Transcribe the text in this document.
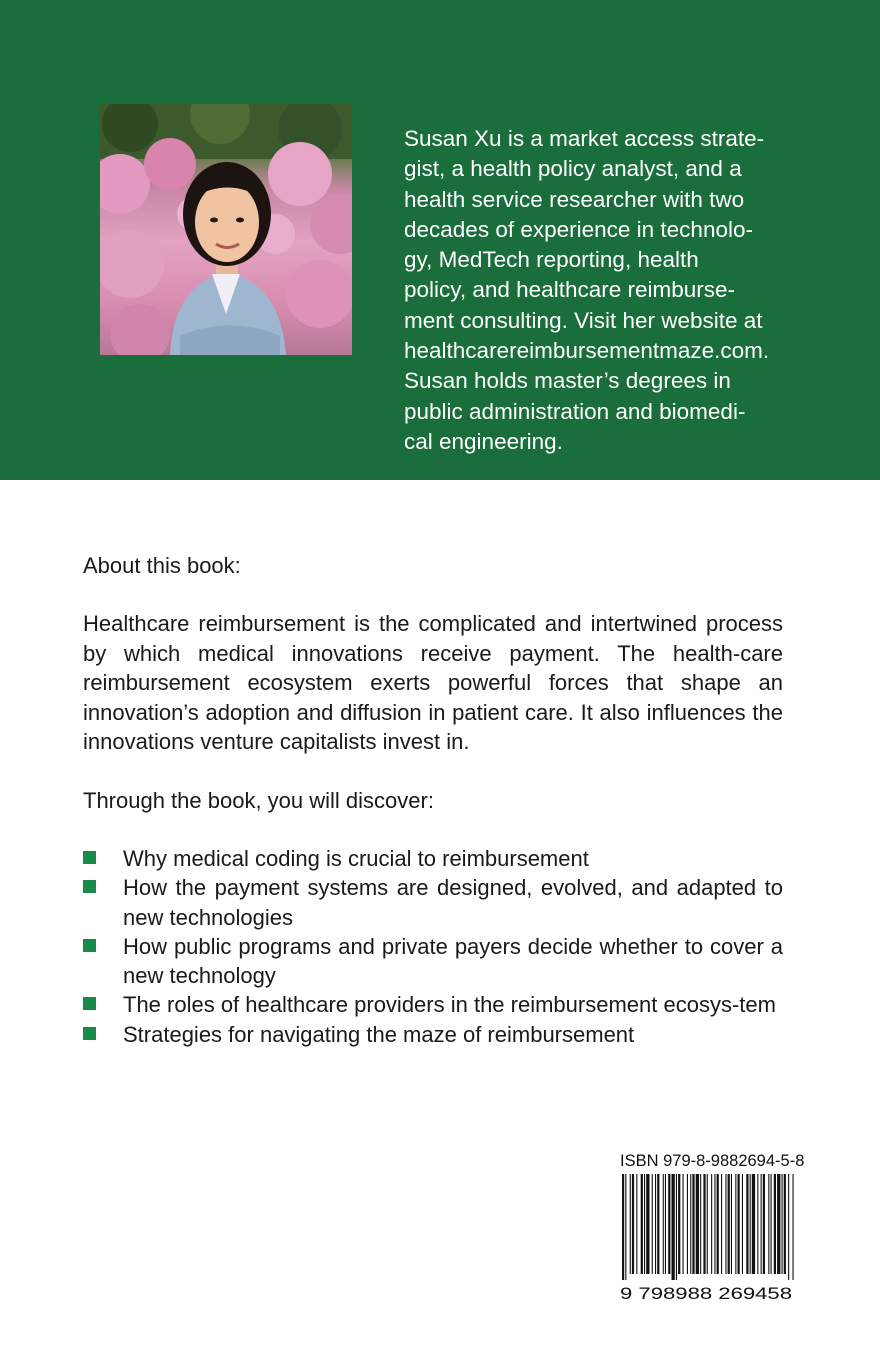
Susan Xu is a market access strate-
gist, a health policy analyst, and a
health service researcher with two
decades of experience in technolo-
gy, MedTech reporting, health
policy, and healthcare reimburse-
ment consulting. Visit her website at
healthcarereimbursementmaze.com.
Susan holds master’s degrees in
public administration and biomedi-
cal engineering.

About this book:

Healthcare reimbursement is the complicated and intertwined process by which medical innovations receive payment. The health-care reimbursement ecosystem exerts powerful forces that shape an innovation’s adoption and diffusion in patient care. It also influences the innovations venture capitalists invest in.

Through the book, you will discover:

Why medical coding is crucial to reimbursement
How the payment systems are designed, evolved, and adapted to new technologies
How public programs and private payers decide whether to cover a new technology
The roles of healthcare providers in the reimbursement ecosys-tem
Strategies for navigating the maze of reimbursement

ISBN 979-8-9882694-5-8

9 798988 269458
